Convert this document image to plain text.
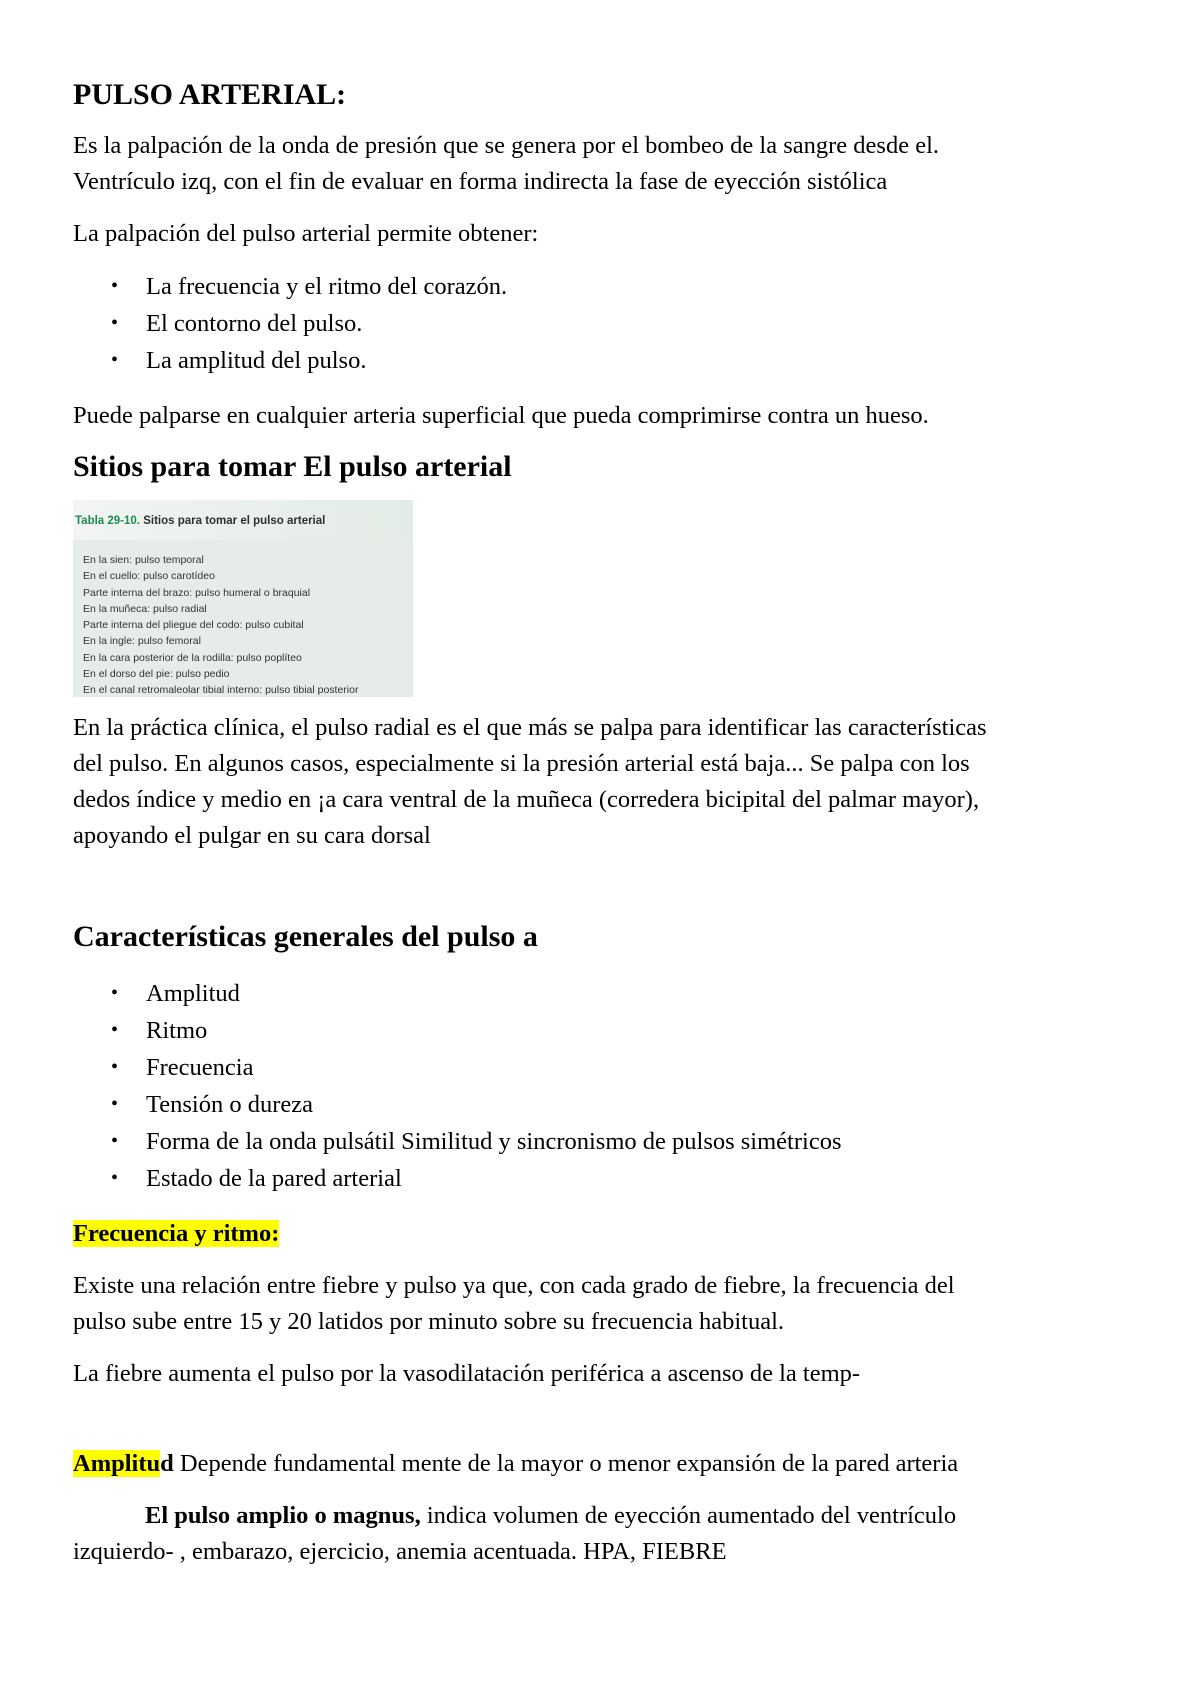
PULSO ARTERIAL:
Es la palpación de la onda de presión que se genera por el bombeo de la sangre desde el.
Ventrículo izq, con el fin de evaluar en forma indirecta la fase de eyección sistólica
La palpación del pulso arterial permite obtener:
• La frecuencia y el ritmo del corazón.
• El contorno del pulso.
• La amplitud del pulso.
Puede palparse en cualquier arteria superficial que pueda comprimirse contra un hueso.
Sitios para tomar El pulso arterial
Tabla 29-10. Sitios para tomar el pulso arterial
En la sien: pulso temporal
En el cuello: pulso carotídeo
Parte interna del brazo: pulso humeral o braquial
En la muñeca: pulso radial
Parte interna del pliegue del codo: pulso cubital
En la ingle: pulso femoral
En la cara posterior de la rodilla: pulso poplíteo
En el dorso del pie: pulso pedio
En el canal retromaleolar tibial interno: pulso tibial posterior
En la práctica clínica, el pulso radial es el que más se palpa para identificar las características
del pulso. En algunos casos, especialmente si la presión arterial está baja... Se palpa con los
dedos índice y medio en ¡a cara ventral de la muñeca (corredera bicipital del palmar mayor),
apoyando el pulgar en su cara dorsal
Características generales del pulso a
• Amplitud
• Ritmo
• Frecuencia
• Tensión o dureza
• Forma de la onda pulsátil Similitud y sincronismo de pulsos simétricos
• Estado de la pared arterial
Frecuencia y ritmo:
Existe una relación entre fiebre y pulso ya que, con cada grado de fiebre, la frecuencia del
pulso sube entre 15 y 20 latidos por minuto sobre su frecuencia habitual.
La fiebre aumenta el pulso por la vasodilatación periférica a ascenso de la temp-
Amplitud Depende fundamental mente de la mayor o menor expansión de la pared arteria
El pulso amplio o magnus, indica volumen de eyección aumentado del ventrículo
izquierdo- , embarazo, ejercicio, anemia acentuada. HPA, FIEBRE
